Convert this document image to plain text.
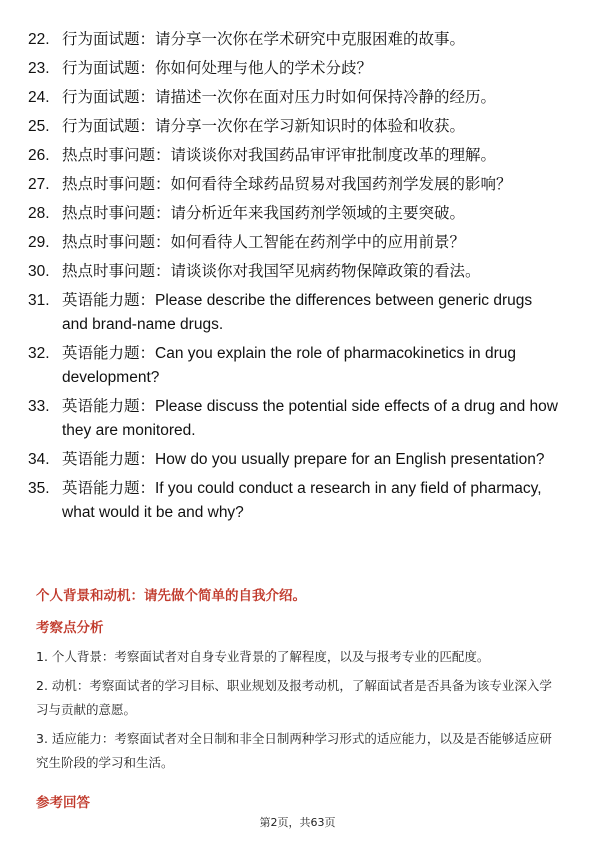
22. 行为面试题：请分享一次你在学术研究中克服困难的故事。
23. 行为面试题：你如何处理与他人的学术分歧？
24. 行为面试题：请描述一次你在面对压力时如何保持冷静的经历。
25. 行为面试题：请分享一次你在学习新知识时的体验和收获。
26. 热点时事问题：请谈谈你对我国药品审评审批制度改革的理解。
27. 热点时事问题：如何看待全球药品贸易对我国药剂学发展的影响？
28. 热点时事问题：请分析近年来我国药剂学领域的主要突破。
29. 热点时事问题：如何看待人工智能在药剂学中的应用前景？
30. 热点时事问题：请谈谈你对我国罕见病药物保障政策的看法。
31. 英语能力题：Please describe the differences between generic drugs and brand-name drugs.
32. 英语能力题：Can you explain the role of pharmacokinetics in drug development?
33. 英语能力题：Please discuss the potential side effects of a drug and how they are monitored.
34. 英语能力题：How do you usually prepare for an English presentation?
35. 英语能力题：If you could conduct a research in any field of pharmacy, what would it be and why?
个人背景和动机：请先做个简单的自我介绍。
考察点分析

1. 个人背景：考察面试者对自身专业背景的了解程度，以及与报考专业的匹配度。

2. 动机：考察面试者的学习目标、职业规划及报考动机，了解面试者是否具备为该专业深入学习与贡献的意愿。

3. 适应能力：考察面试者对全日制和非全日制两种学习形式的适应能力，以及是否能够适应研究生阶段的学习和生活。

参考回答
第2页，共63页
